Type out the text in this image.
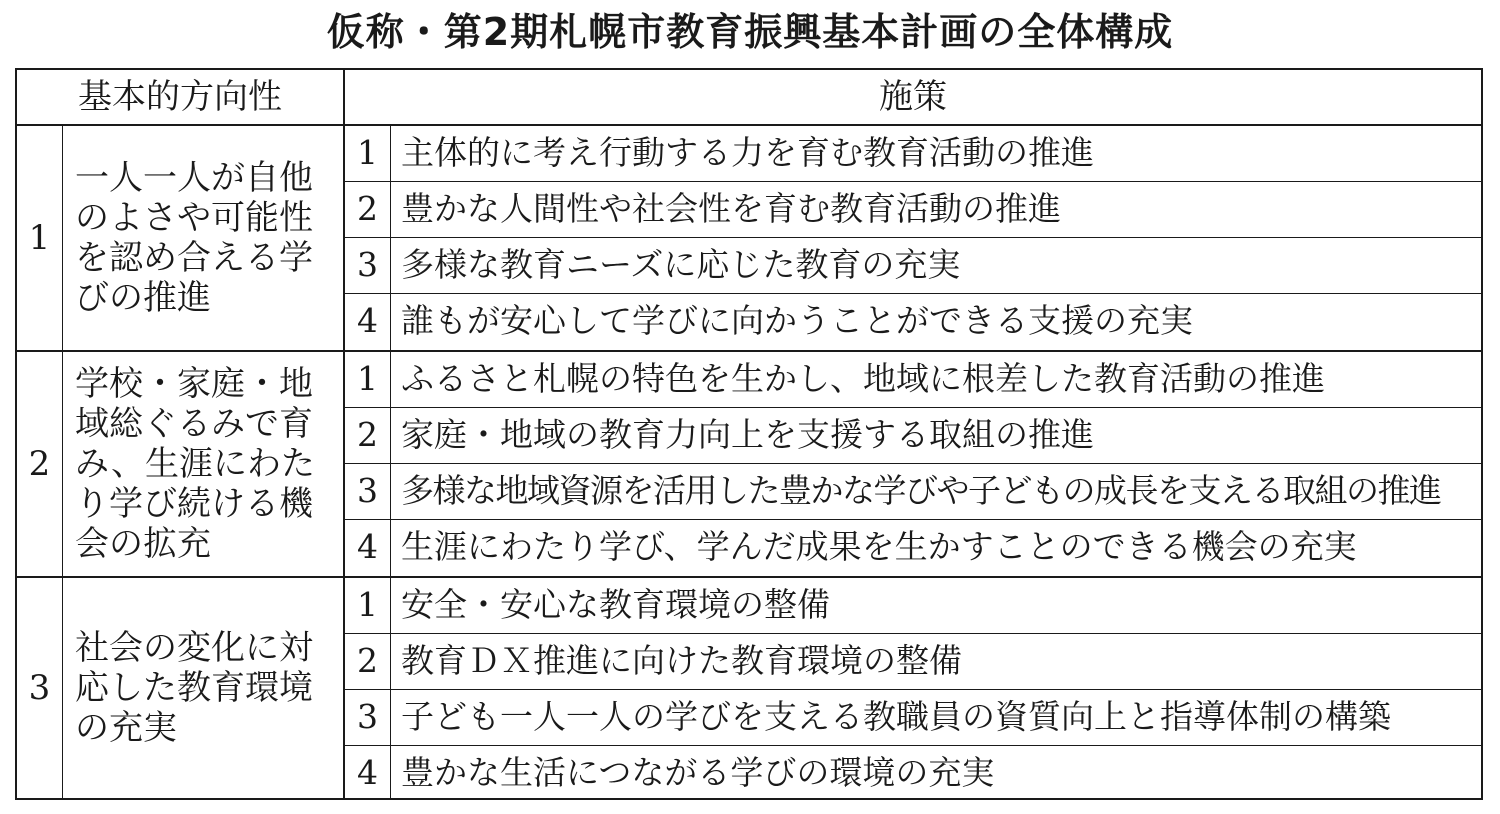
仮称・第2期札幌市教育振興基本計画の全体構成
基本的方向性	施策
1
一人一人が自他のよさや可能性を認め合える学びの推進
1 主体的に考え行動する力を育む教育活動の推進
2 豊かな人間性や社会性を育む教育活動の推進
3 多様な教育ニーズに応じた教育の充実
4 誰もが安心して学びに向かうことができる支援の充実
2
学校・家庭・地域総ぐるみで育み、生涯にわたり学び続ける機会の拡充
1 ふるさと札幌の特色を生かし、地域に根差した教育活動の推進
2 家庭・地域の教育力向上を支援する取組の推進
3 多様な地域資源を活用した豊かな学びや子どもの成長を支える取組の推進
4 生涯にわたり学び、学んだ成果を生かすことのできる機会の充実
3
社会の変化に対応した教育環境の充実
1 安全・安心な教育環境の整備
2 教育ＤＸ推進に向けた教育環境の整備
3 子ども一人一人の学びを支える教職員の資質向上と指導体制の構築
4 豊かな生活につながる学びの環境の充実
